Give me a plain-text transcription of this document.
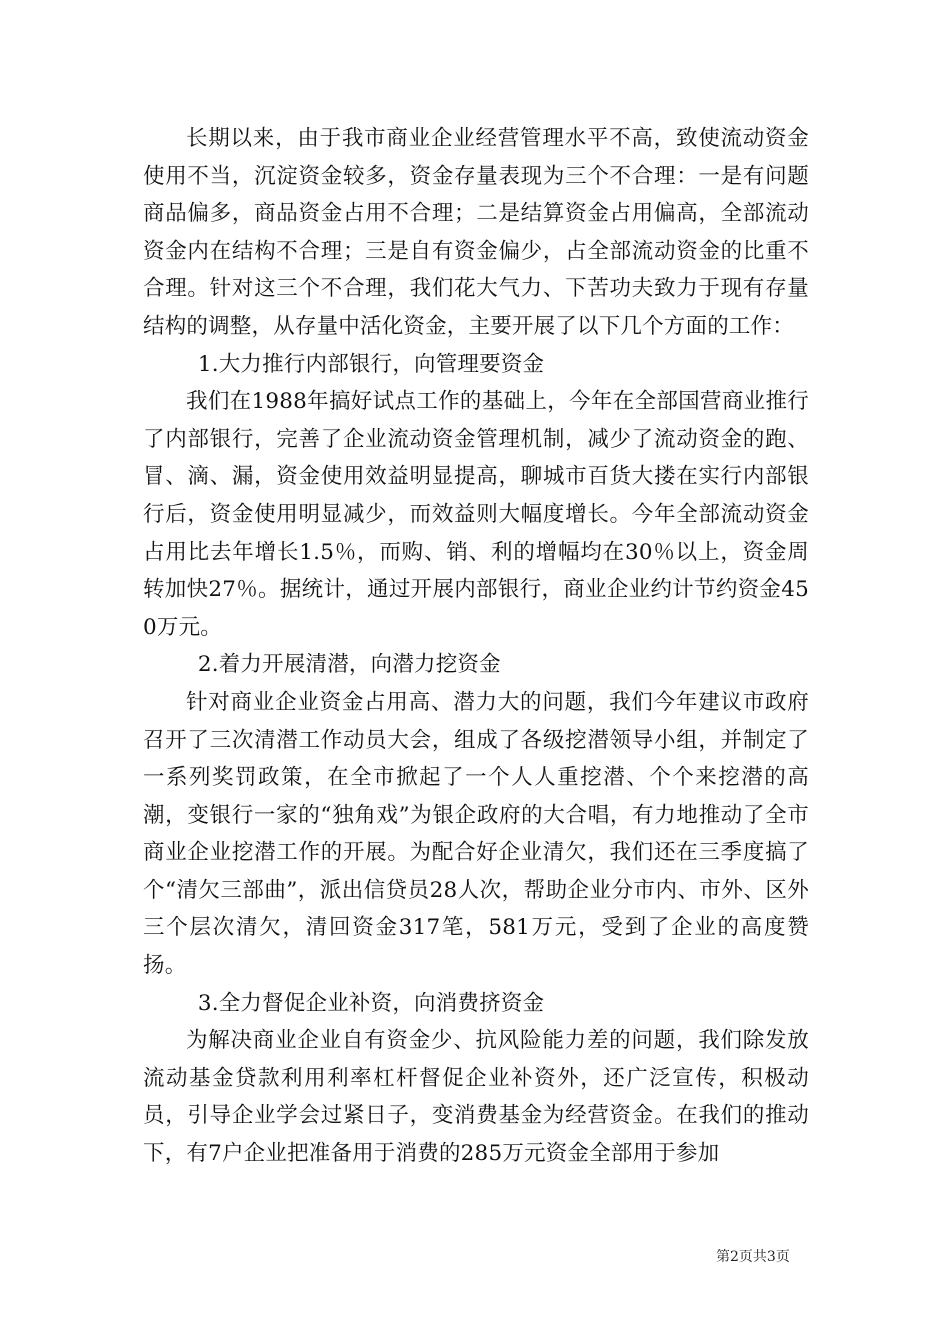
长期以来，由于我市商业企业经营管理水平不高，致使流动资金使用不当，沉淀资金较多，资金存量表现为三个不合理：一是有问题商品偏多，商品资金占用不合理；二是结算资金占用偏高，全部流动资金内在结构不合理；三是自有资金偏少，占全部流动资金的比重不合理。针对这三个不合理，我们花大气力、下苦功夫致力于现有存量结构的调整，从存量中活化资金，主要开展了以下几个方面的工作：

1.大力推行内部银行，向管理要资金

我们在1988年搞好试点工作的基础上，今年在全部国营商业推行了内部银行，完善了企业流动资金管理机制，减少了流动资金的跑、冒、滴、漏，资金使用效益明显提高，聊城市百货大搂在实行内部银行后，资金使用明显减少，而效益则大幅度增长。今年全部流动资金占用比去年增长1.5％，而购、销、利的增幅均在30％以上，资金周转加快27％。据统计，通过开展内部银行，商业企业约计节约资金450万元。

2.着力开展清潜，向潜力挖资金

针对商业企业资金占用高、潜力大的问题，我们今年建议市政府召开了三次清潜工作动员大会，组成了各级挖潜领导小组，并制定了一系列奖罚政策，在全市掀起了一个人人重挖潜、个个来挖潜的高潮，变银行一家的“独角戏”为银企政府的大合唱，有力地推动了全市商业企业挖潜工作的开展。为配合好企业清欠，我们还在三季度搞了个“清欠三部曲”，派出信贷员28人次，帮助企业分市内、市外、区外三个层次清欠，清回资金317笔，581万元，受到了企业的高度赞扬。

3.全力督促企业补资，向消费挤资金

为解决商业企业自有资金少、抗风险能力差的问题，我们除发放流动基金贷款利用利率杠杆督促企业补资外，还广泛宣传，积极动员，引导企业学会过紧日子，变消费基金为经营资金。在我们的推动下，有7户企业把准备用于消费的285万元资金全部用于参加

第2页共3页
